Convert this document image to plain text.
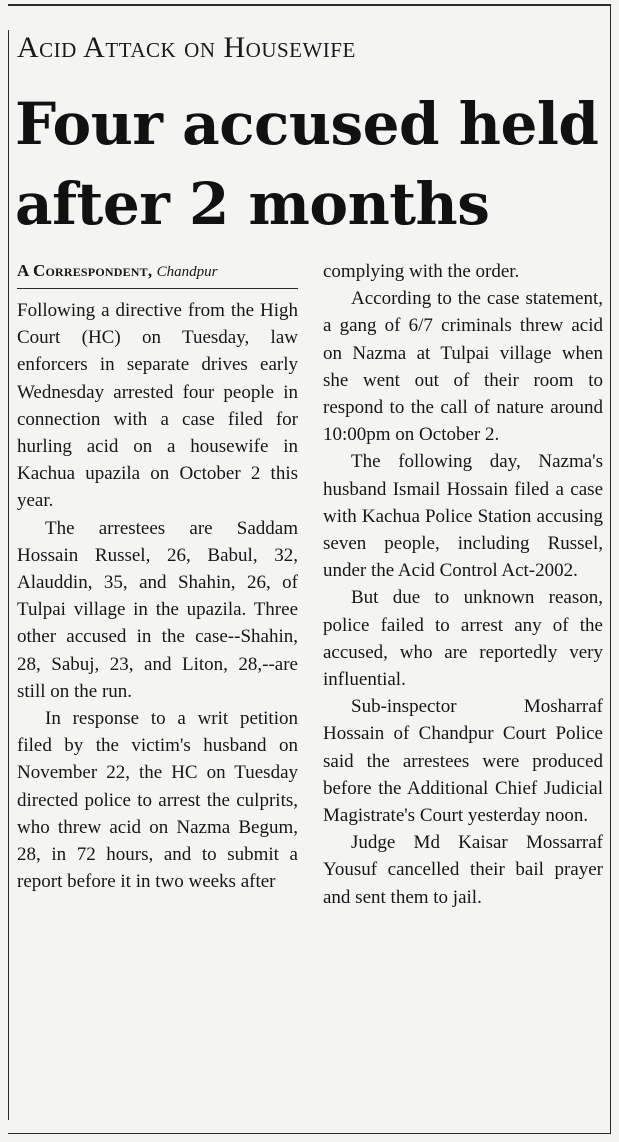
Acid Attack on Housewife
Four accused held after 2 months
A Correspondent, Chandpur

Following a directive from the High Court (HC) on Tuesday, law enforcers in separate drives early Wednesday arrested four people in connection with a case filed for hurling acid on a housewife in Kachua upazila on October 2 this year.

The arrestees are Saddam Hossain Russel, 26, Babul, 32, Alauddin, 35, and Shahin, 26, of Tulpai village in the upazila. Three other accused in the case--Shahin, 28, Sabuj, 23, and Liton, 28,--are still on the run.

In response to a writ petition filed by the victim's husband on November 22, the HC on Tuesday directed police to arrest the culprits, who threw acid on Nazma Begum, 28, in 72 hours, and to submit a report before it in two weeks after

complying with the order.

According to the case statement, a gang of 6/7 criminals threw acid on Nazma at Tulpai village when she went out of their room to respond to the call of nature around 10:00pm on October 2.

The following day, Nazma's husband Ismail Hossain filed a case with Kachua Police Station accusing seven people, including Russel, under the Acid Control Act-2002.

But due to unknown reason, police failed to arrest any of the accused, who are reportedly very influential.

Sub-inspector Mosharraf Hossain of Chandpur Court Police said the arrestees were produced before the Additional Chief Judicial Magistrate's Court yesterday noon.

Judge Md Kaisar Mossarraf Yousuf cancelled their bail prayer and sent them to jail.
